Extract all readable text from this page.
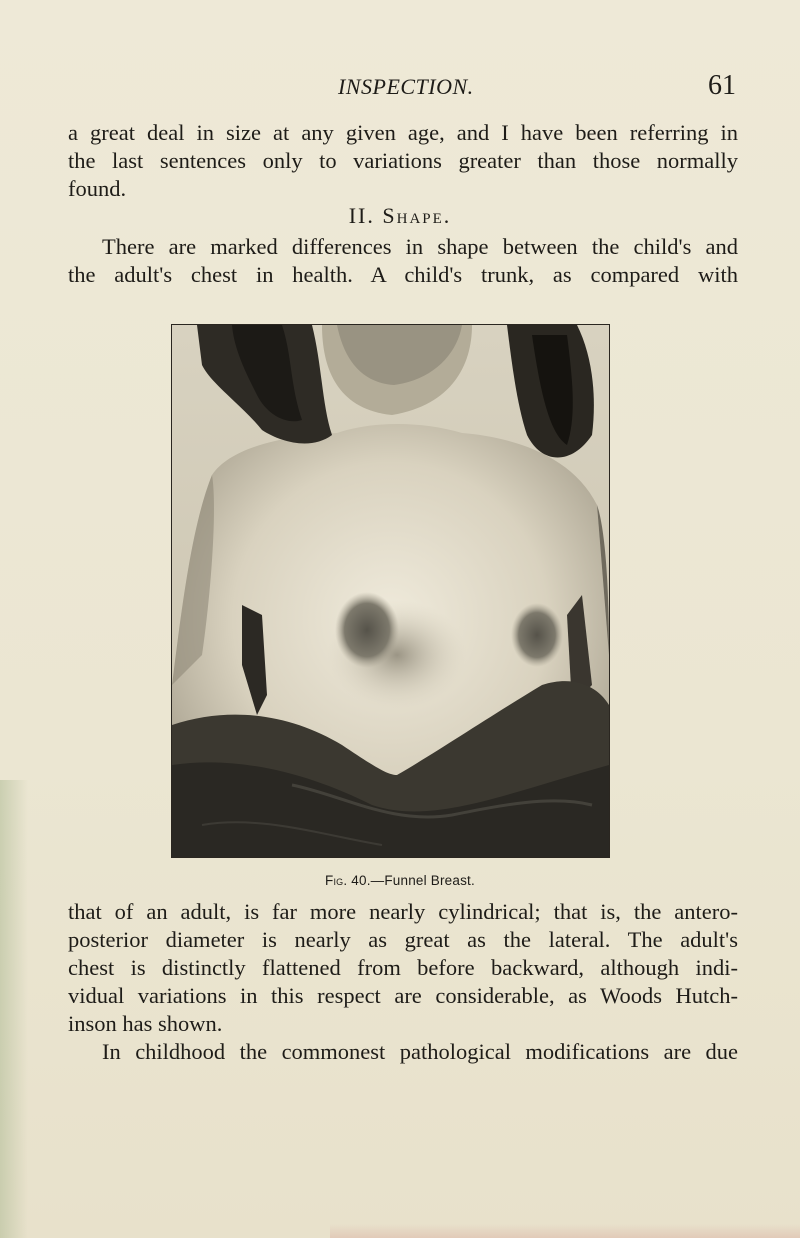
INSPECTION.	61
a great deal in size at any given age, and I have been referring in
the last sentences only to variations greater than those normally
found.
II. Shape.
There are marked differences in shape between the child's and
the adult's chest in health. A child's trunk, as compared with
Fig. 40.—Funnel Breast.
that of an adult, is far more nearly cylindrical; that is, the antero-
posterior diameter is nearly as great as the lateral. The adult's
chest is distinctly flattened from before backward, although indi-
vidual variations in this respect are considerable, as Woods Hutch-
inson has shown.
In childhood the commonest pathological modifications are due
